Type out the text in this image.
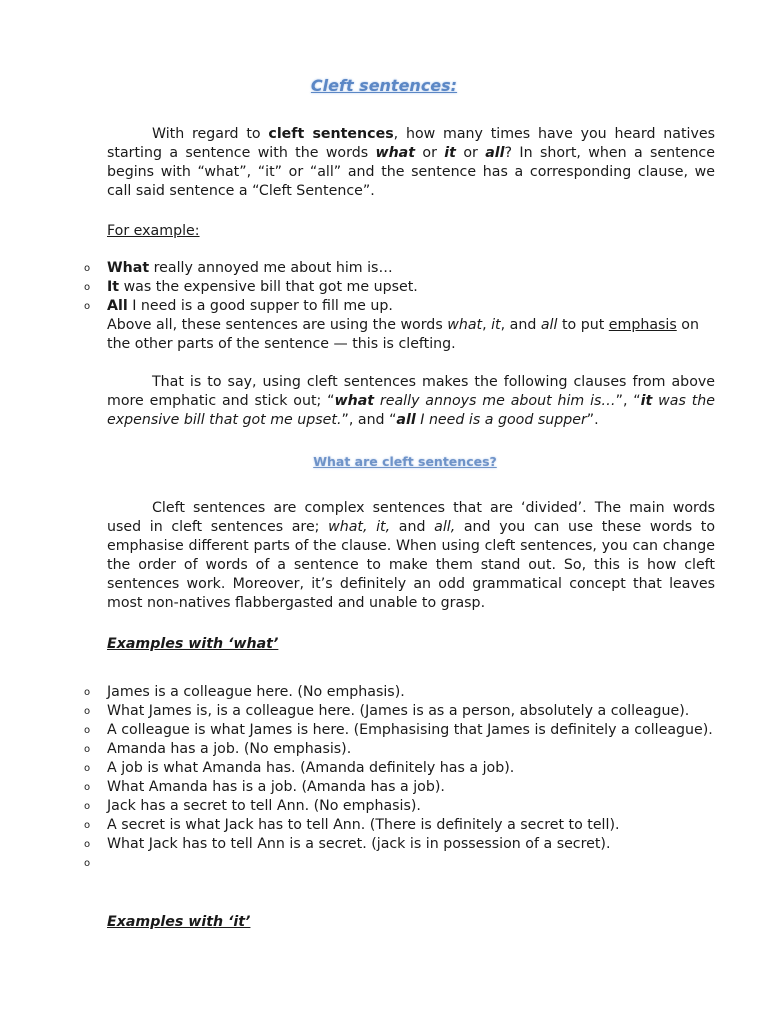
Cleft sentences:

With regard to cleft sentences, how many times have you heard natives starting a sentence with the words what or it or all? In short, when a sentence begins with “what”, “it” or “all” and the sentence has a corresponding clause, we call said sentence a “Cleft Sentence”.

For example:
o What really annoyed me about him is…
o It was the expensive bill that got me upset.
o All I need is a good supper to fill me up.

Above all, these sentences are using the words what, it, and all to put emphasis on the other parts of the sentence — this is clefting.

That is to say, using cleft sentences makes the following clauses from above more emphatic and stick out; “what really annoys me about him is…”, “it was the expensive bill that got me upset.”, and “all I need is a good supper”.

What are cleft sentences?

Cleft sentences are complex sentences that are ‘divided’. The main words used in cleft sentences are; what, it, and all, and you can use these words to emphasise different parts of the clause. When using cleft sentences, you can change the order of words of a sentence to make them stand out. So, this is how cleft sentences work. Moreover, it’s definitely an odd grammatical concept that leaves most non-natives flabbergasted and unable to grasp.

Examples with ‘what’
o James is a colleague here. (No emphasis).
o What James is, is a colleague here. (James is as a person, absolutely a colleague).
o A colleague is what James is here. (Emphasising that James is definitely a colleague).
o Amanda has a job. (No emphasis).
o A job is what Amanda has. (Amanda definitely has a job).
o What Amanda has is a job. (Amanda has a job).
o Jack has a secret to tell Ann. (No emphasis).
o A secret is what Jack has to tell Ann. (There is definitely a secret to tell).
o What Jack has to tell Ann is a secret. (jack is in possession of a secret).
o
Examples with ‘it’
